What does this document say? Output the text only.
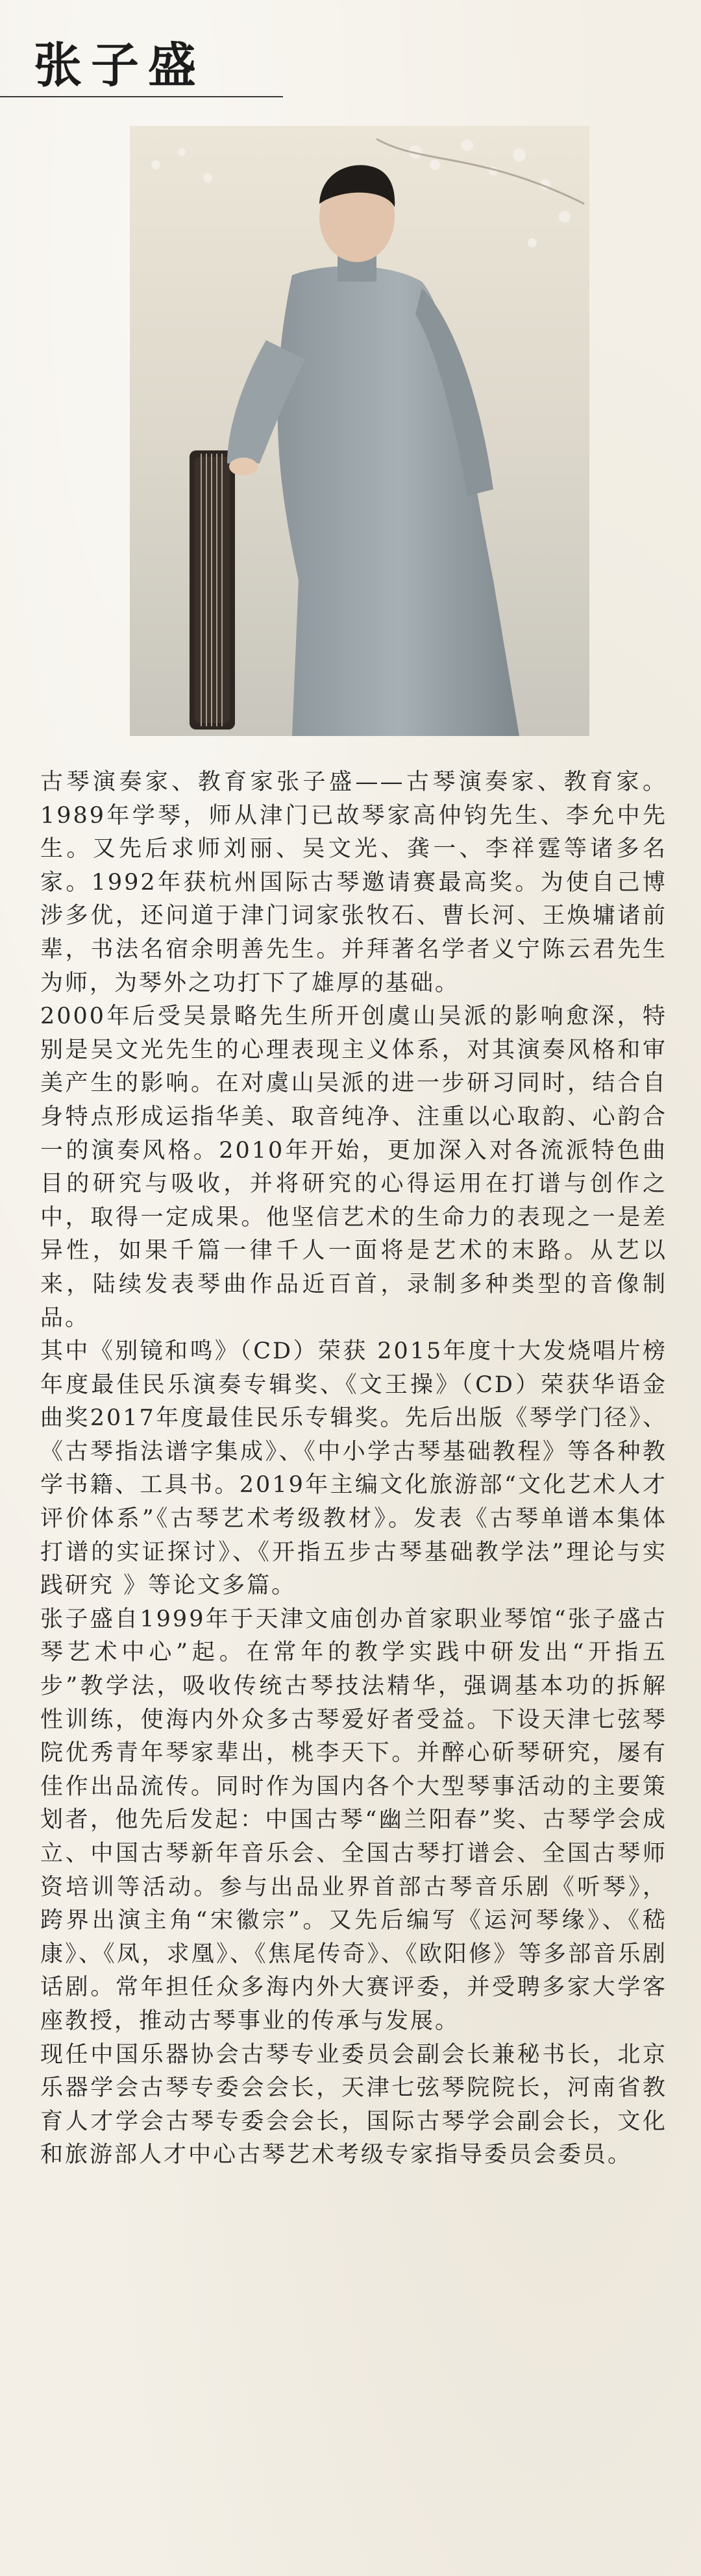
张子盛

古琴演奏家、教育家张子盛——古琴演奏家、教育家。1989年学琴，师从津门已故琴家高仲钧先生、李允中先生。又先后求师刘丽、吴文光、龚一、李祥霆等诸多名家。1992年获杭州国际古琴邀请赛最高奖。为使自己博涉多优，还问道于津门词家张牧石、曹长河、王焕墉诸前辈，书法名宿余明善先生。并拜著名学者义宁陈云君先生为师，为琴外之功打下了雄厚的基础。

2000年后受吴景略先生所开创虞山吴派的影响愈深，特别是吴文光先生的心理表现主义体系，对其演奏风格和审美产生的影响。在对虞山吴派的进一步研习同时，结合自身特点形成运指华美、取音纯净、注重以心取韵、心韵合一的演奏风格。2010年开始，更加深入对各流派特色曲目的研究与吸收，并将研究的心得运用在打谱与创作之中，取得一定成果。他坚信艺术的生命力的表现之一是差异性，如果千篇一律千人一面将是艺术的末路。从艺以来，陆续发表琴曲作品近百首，录制多种类型的音像制品。

其中《别镜和鸣》（CD）荣获 2015年度十大发烧唱片榜年度最佳民乐演奏专辑奖、《文王操》（CD）荣获华语金曲奖2017年度最佳民乐专辑奖。先后出版《琴学门径》、《古琴指法谱字集成》、《中小学古琴基础教程》等各种教学书籍、工具书。2019年主编文化旅游部“文化艺术人才评价体系”《古琴艺术考级教材》。发表《古琴单谱本集体打谱的实证探讨》、《开指五步古琴基础教学法”理论与实践研究 》等论文多篇。

张子盛自1999年于天津文庙创办首家职业琴馆“张子盛古琴艺术中心”起。在常年的教学实践中研发出“开指五步”教学法，吸收传统古琴技法精华，强调基本功的拆解性训练，使海内外众多古琴爱好者受益。下设天津七弦琴院优秀青年琴家辈出，桃李天下。并醉心斫琴研究，屡有佳作出品流传。同时作为国内各个大型琴事活动的主要策划者，他先后发起：中国古琴“幽兰阳春”奖、古琴学会成立、中国古琴新年音乐会、全国古琴打谱会、全国古琴师资培训等活动。参与出品业界首部古琴音乐剧《听琴》，跨界出演主角“宋徽宗”。又先后编写《运河琴缘》、《嵇康》、《凤，求凰》、《焦尾传奇》、《欧阳修》等多部音乐剧话剧。常年担任众多海内外大赛评委，并受聘多家大学客座教授，推动古琴事业的传承与发展。

现任中国乐器协会古琴专业委员会副会长兼秘书长，北京乐器学会古琴专委会会长，天津七弦琴院院长，河南省教育人才学会古琴专委会会长，国际古琴学会副会长，文化和旅游部人才中心古琴艺术考级专家指导委员会委员。
